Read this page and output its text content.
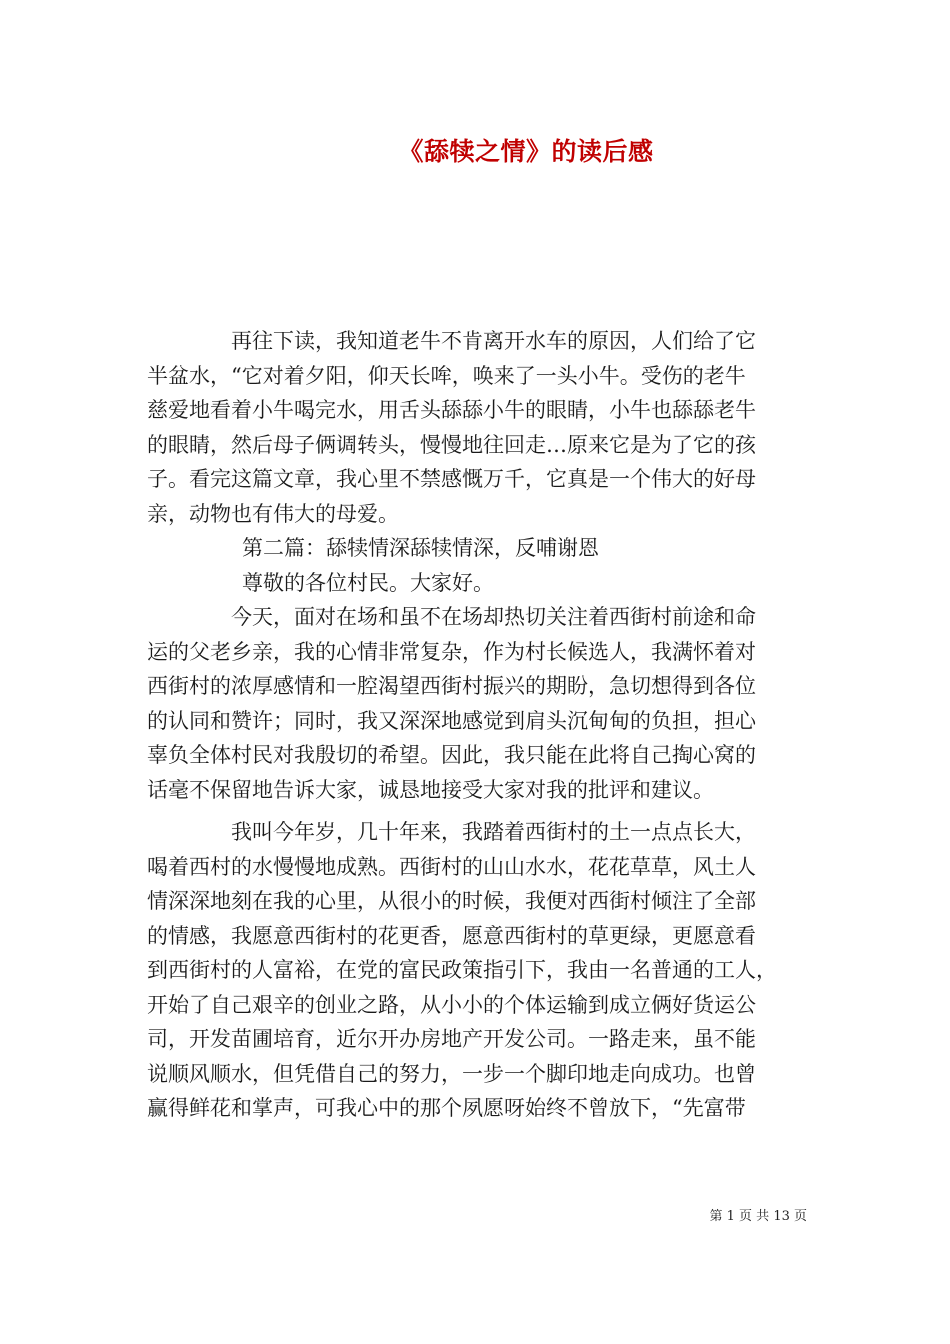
《舔犊之情》的读后感
再往下读，我知道老牛不肯离开水车的原因，人们给了它
半盆水，“它对着夕阳，仰天长哞，唤来了一头小牛。受伤的老牛
慈爱地看着小牛喝完水，用舌头舔舔小牛的眼睛，小牛也舔舔老牛
的眼睛，然后母子俩调转头，慢慢地往回走…原来它是为了它的孩
子。看完这篇文章，我心里不禁感慨万千，它真是一个伟大的好母
亲，动物也有伟大的母爱。
第二篇：舔犊情深舔犊情深，反哺谢恩
尊敬的各位村民。大家好。
今天，面对在场和虽不在场却热切关注着西街村前途和命
运的父老乡亲，我的心情非常复杂，作为村长候选人，我满怀着对
西街村的浓厚感情和一腔渴望西街村振兴的期盼，急切想得到各位
的认同和赞许；同时，我又深深地感觉到肩头沉甸甸的负担，担心
辜负全体村民对我殷切的希望。因此，我只能在此将自己掏心窝的
话毫不保留地告诉大家，诚恳地接受大家对我的批评和建议。
我叫今年岁，几十年来，我踏着西街村的土一点点长大，
喝着西村的水慢慢地成熟。西街村的山山水水，花花草草，风土人
情深深地刻在我的心里，从很小的时候，我便对西街村倾注了全部
的情感，我愿意西街村的花更香，愿意西街村的草更绿，更愿意看
到西街村的人富裕，在党的富民政策指引下，我由一名普通的工人，
开始了自己艰辛的创业之路，从小小的个体运输到成立俩好货运公
司，开发苗圃培育，近尔开办房地产开发公司。一路走来，虽不能
说顺风顺水，但凭借自己的努力，一步一个脚印地走向成功。也曾
赢得鲜花和掌声，可我心中的那个夙愿呀始终不曾放下，“先富带
第 1 页 共 13 页
